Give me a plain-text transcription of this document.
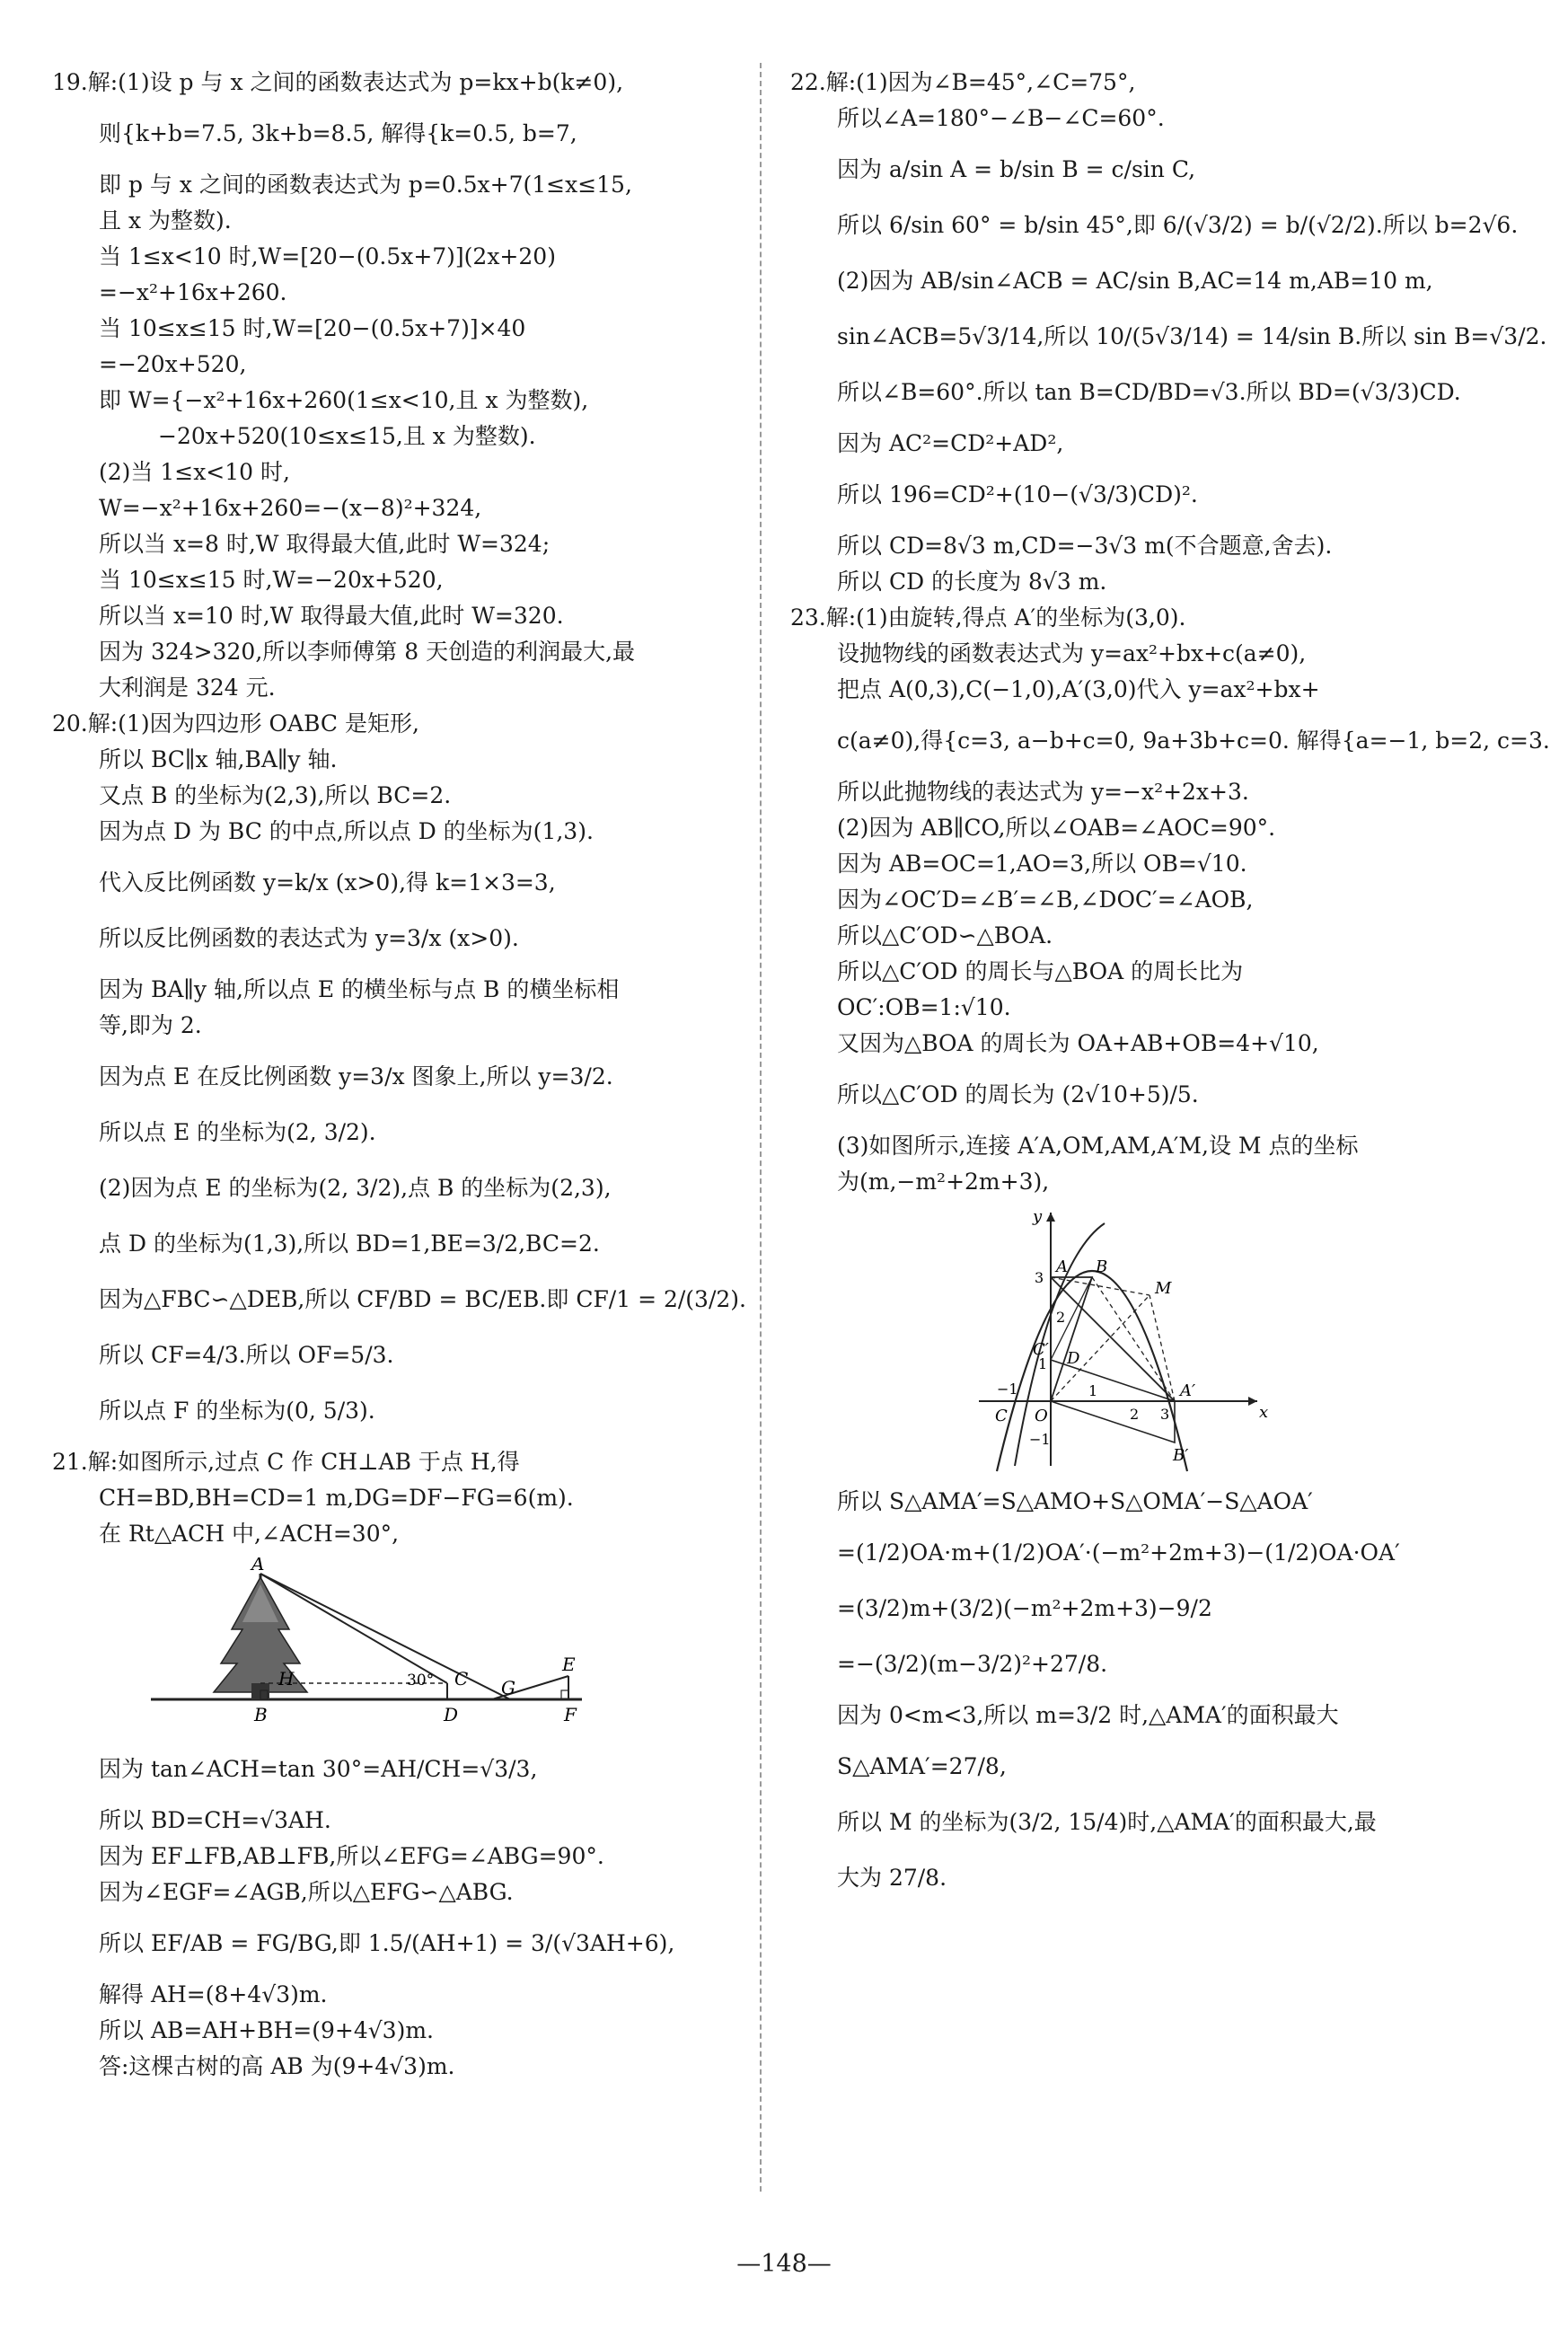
19.解:(1)设 p 与 x 之间的函数表达式为 p=kx+b(k≠0),
则{k+b=7.5, 3k+b=8.5, 解得{k=0.5, b=7,
即 p 与 x 之间的函数表达式为 p=0.5x+7(1≤x≤15,
且 x 为整数).
当 1≤x<10 时,W=[20−(0.5x+7)](2x+20)
=−x²+16x+260.
当 10≤x≤15 时,W=[20−(0.5x+7)]×40
=−20x+520,
即 W={−x²+16x+260(1≤x<10,且 x 为整数),
−20x+520(10≤x≤15,且 x 为整数).
(2)当 1≤x<10 时,
W=−x²+16x+260=−(x−8)²+324,
所以当 x=8 时,W 取得最大值,此时 W=324;
当 10≤x≤15 时,W=−20x+520,
所以当 x=10 时,W 取得最大值,此时 W=320.
因为 324>320,所以李师傅第 8 天创造的利润最大,最
大利润是 324 元.
20.解:(1)因为四边形 OABC 是矩形,
所以 BC∥x 轴,BA∥y 轴.
又点 B 的坐标为(2,3),所以 BC=2.
因为点 D 为 BC 的中点,所以点 D 的坐标为(1,3).
代入反比例函数 y=k/x (x>0),得 k=1×3=3,
所以反比例函数的表达式为 y=3/x (x>0).
因为 BA∥y 轴,所以点 E 的横坐标与点 B 的横坐标相
等,即为 2.
因为点 E 在反比例函数 y=3/x 图象上,所以 y=3/2.
所以点 E 的坐标为(2, 3/2).
(2)因为点 E 的坐标为(2, 3/2),点 B 的坐标为(2,3),
点 D 的坐标为(1,3),所以 BD=1,BE=3/2,BC=2.
因为△FBC∽△DEB,所以 CF/BD = BC/EB.即 CF/1 = 2/(3/2).
所以 CF=4/3.所以 OF=5/3.
所以点 F 的坐标为(0, 5/3).
21.解:如图所示,过点 C 作 CH⊥AB 于点 H,得
CH=BD,BH=CD=1 m,DG=DF−FG=6(m).
在 Rt△ACH 中,∠ACH=30°,
A
H	30° C
D
B
G
E
F
因为 tan∠ACH=tan 30°=AH/CH=√3/3,
所以 BD=CH=√3AH.
因为 EF⊥FB,AB⊥FB,所以∠EFG=∠ABG=90°.
因为∠EGF=∠AGB,所以△EFG∽△ABG.
所以 EF/AB = FG/BG,即 1.5/(AH+1) = 3/(√3AH+6),
解得 AH=(8+4√3)m.
所以 AB=AH+BH=(9+4√3)m.
答:这棵古树的高 AB 为(9+4√3)m.
22.解:(1)因为∠B=45°,∠C=75°,
所以∠A=180°−∠B−∠C=60°.
因为 a/sin A = b/sin B = c/sin C,
所以 6/sin 60° = b/sin 45°,即 6/(√3/2) = b/(√2/2).所以 b=2√6.
(2)因为 AB/sin∠ACB = AC/sin B,AC=14 m,AB=10 m,
sin∠ACB=5√3/14,所以 10/(5√3/14) = 14/sin B.所以 sin B=√3/2.
所以∠B=60°.所以 tan B=CD/BD=√3.所以 BD=(√3/3)CD.
因为 AC²=CD²+AD²,
所以 196=CD²+(10−(√3/3)CD)².
所以 CD=8√3 m,CD=−3√3 m(不合题意,舍去).
所以 CD 的长度为 8√3 m.
23.解:(1)由旋转,得点 A′的坐标为(3,0).
设抛物线的函数表达式为 y=ax²+bx+c(a≠0),
把点 A(0,3),C(−1,0),A′(3,0)代入 y=ax²+bx+
c(a≠0),得{c=3, a−b+c=0, 9a+3b+c=0. 解得{a=−1, b=2, c=3.
所以此抛物线的表达式为 y=−x²+2x+3.
(2)因为 AB∥CO,所以∠OAB=∠AOC=90°.
因为 AB=OC=1,AO=3,所以 OB=√10.
因为∠OC′D=∠B′=∠B,∠DOC′=∠AOB,
所以△C′OD∽△BOA.
所以△C′OD 的周长与△BOA 的周长比为
OC′:OB=1:√10.
又因为△BOA 的周长为 OA+AB+OB=4+√10,
所以△C′OD 的周长为 (2√10+5)/5.
(3)如图所示,连接 A′A,OM,AM,A′M,设 M 点的坐标
为(m,−m²+2m+3),
y
x
A B
M
C′ D
A′
B′
C O
3
2
1
−1	1
2 3
−1
所以 S△AMA′=S△AMO+S△OMA′−S△AOA′
=(1/2)OA·m+(1/2)OA′·(−m²+2m+3)−(1/2)OA·OA′
=(3/2)m+(3/2)(−m²+2m+3)−9/2
=−(3/2)(m−3/2)²+27/8.
因为 0<m<3,所以 m=3/2 时,△AMA′的面积最大
S△AMA′=27/8,
所以 M 的坐标为(3/2, 15/4)时,△AMA′的面积最大,最
大为 27/8.
—148—
